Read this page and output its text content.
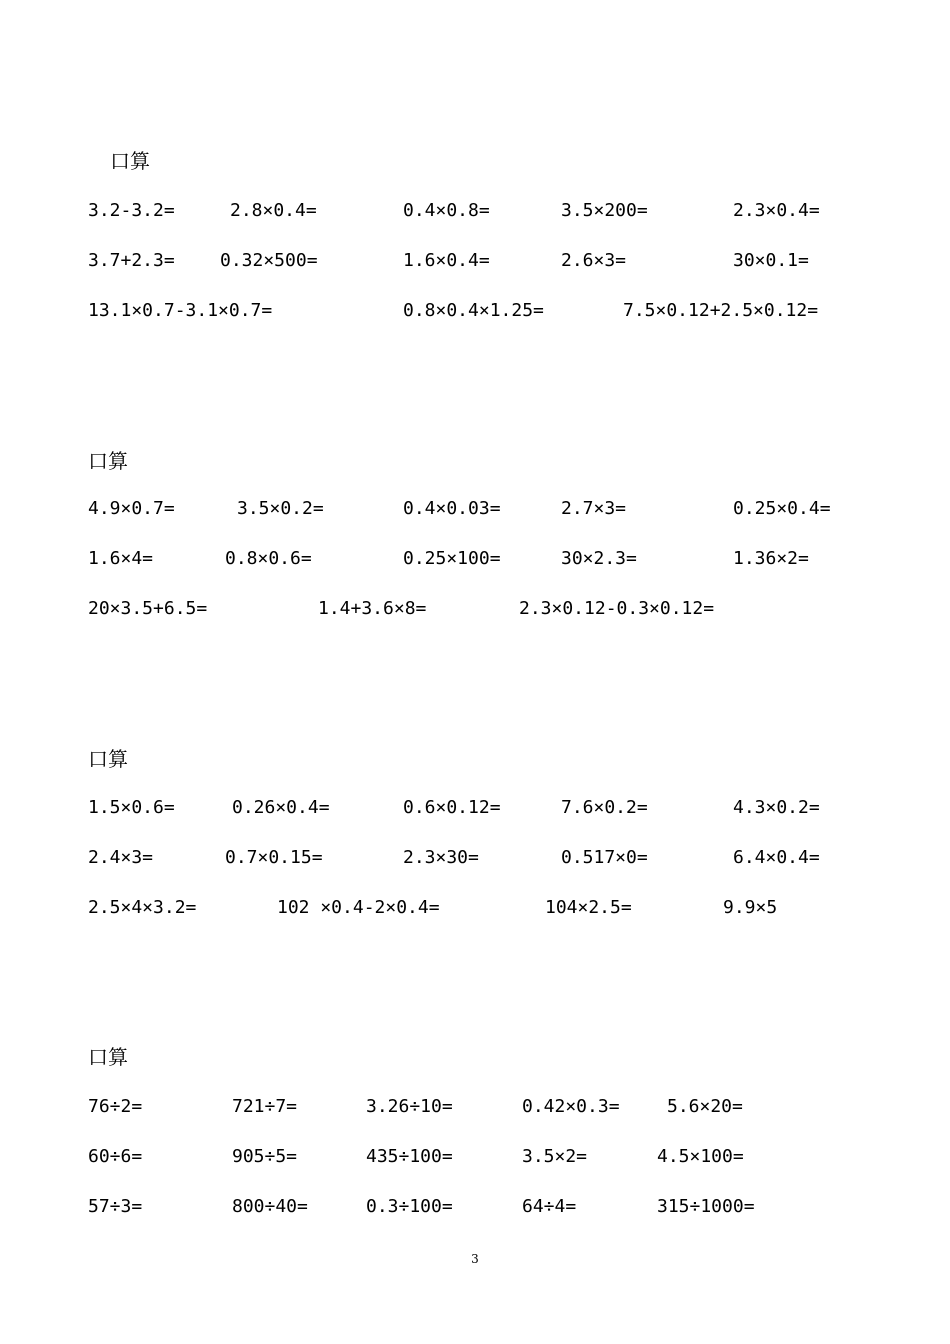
口算
3.2-3.2=	2.8×0.4=	0.4×0.8=	3.5×200=	2.3×0.4=
3.7+2.3=	0.32×500=	1.6×0.4=	2.6×3=	30×0.1=
13.1×0.7-3.1×0.7=	0.8×0.4×1.25=	7.5×0.12+2.5×0.12=
口算
4.9×0.7=	3.5×0.2=	0.4×0.03=	2.7×3=	0.25×0.4=
1.6×4=	0.8×0.6=	0.25×100=	30×2.3=	1.36×2=
20×3.5+6.5=	1.4+3.6×8=	2.3×0.12-0.3×0.12=
口算
1.5×0.6=	0.26×0.4=	0.6×0.12=	7.6×0.2=	4.3×0.2=
2.4×3=	0.7×0.15=	2.3×30=	0.517×0=	6.4×0.4=
2.5×4×3.2=	102 ×0.4-2×0.4=	104×2.5=	9.9×5
口算
76÷2=	721÷7=	3.26÷10=	0.42×0.3=	5.6×20=
60÷6=	905÷5=	435÷100=	3.5×2=	4.5×100=
57÷3=	800÷40=	0.3÷100=	64÷4=	315÷1000=
3
